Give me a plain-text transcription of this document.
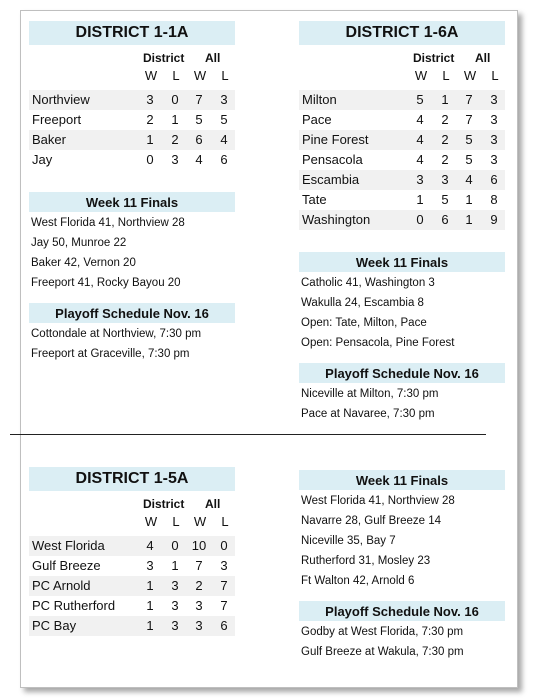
DISTRICT 1-1A
District All
W L W L
Northview	3 0 7 3
Freeport	2 1 5 5
Baker	1 2 6 4
Jay	0 3 4 6
Week 11 Finals
West Florida 41, Northview 28
Jay 50, Munroe 22
Baker 42, Vernon 20
Freeport 41, Rocky Bayou 20
Playoff Schedule Nov. 16
Cottondale at Northview, 7:30 pm
Freeport at Graceville, 7:30 pm
DISTRICT 1-6A
District All
W L W L
Milton	5 1 7 3
Pace	4 2 7 3
Pine Forest	4 2 5 3
Pensacola	4 2 5 3
Escambia	3 3 4 6
Tate	1 5 1 8
Washington	0 6 1 9
Week 11 Finals
Catholic 41, Washington 3
Wakulla 24, Escambia 8
Open: Tate, Milton, Pace
Open: Pensacola, Pine Forest
Playoff Schedule Nov. 16
Niceville at Milton, 7:30 pm
Pace at Navaree, 7:30 pm
DISTRICT 1-5A
District All
W L W L
West Florida	4 0 10 0
Gulf Breeze	3 1 7 3
PC Arnold	1 3 2 7
PC Rutherford 1 3 3 7
PC Bay	1 3 3 6
Week 11 Finals
West Florida 41, Northview 28
Navarre 28, Gulf Breeze 14
Niceville 35, Bay 7
Rutherford 31, Mosley 23
Ft Walton 42, Arnold 6
Playoff Schedule Nov. 16
Godby at West Florida, 7:30 pm
Gulf Breeze at Wakula, 7:30 pm
